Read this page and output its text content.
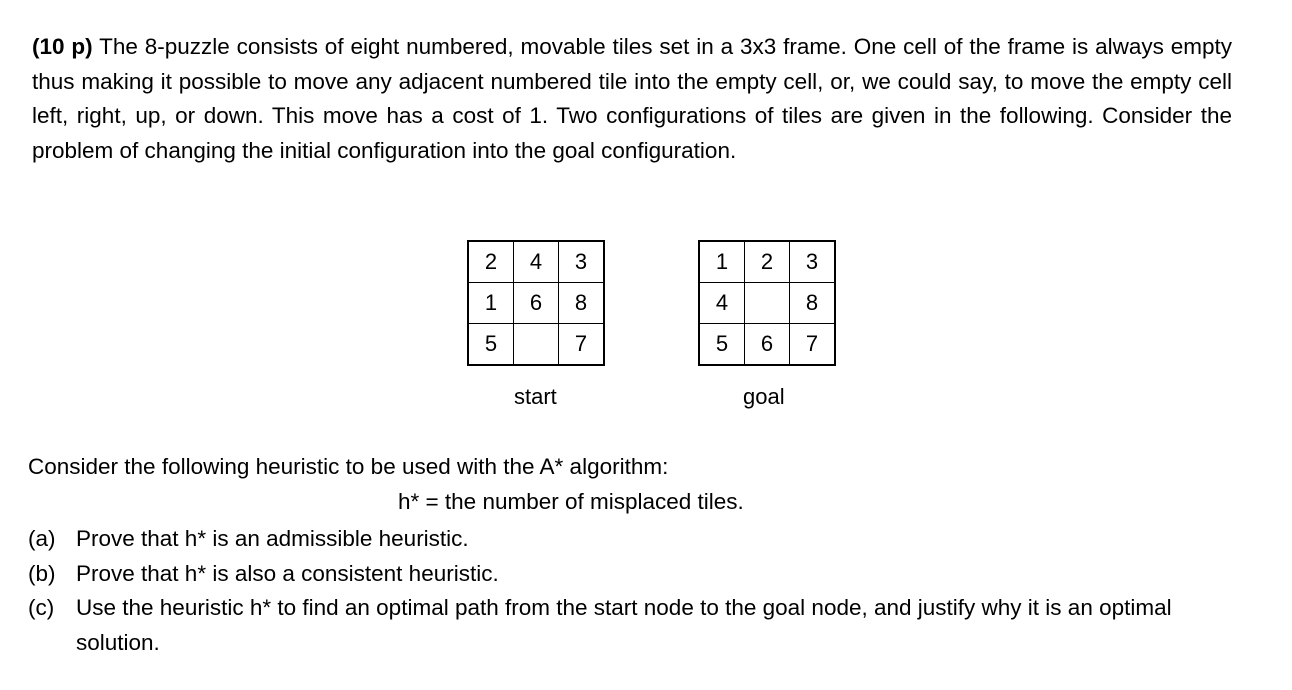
(10 p) The 8-puzzle consists of eight numbered, movable tiles set in a 3x3 frame. One cell of the frame is always empty thus making it possible to move any adjacent numbered tile into the empty cell, or, we could say, to move the empty cell left, right, up, or down. This move has a cost of 1. Two configurations of tiles are given in the following. Consider the problem of changing the initial configuration into the goal configuration.

2	4	3
1	6	8
5		7
1	2	3
4		8
5	6	7
start	goal

Consider the following heuristic to be used with the A* algorithm:

h* = the number of misplaced tiles.

(a) Prove that h* is an admissible heuristic.
(b) Prove that h* is also a consistent heuristic.
(c) Use the heuristic h* to find an optimal path from the start node to the goal node, and justify why it is an optimal solution.
